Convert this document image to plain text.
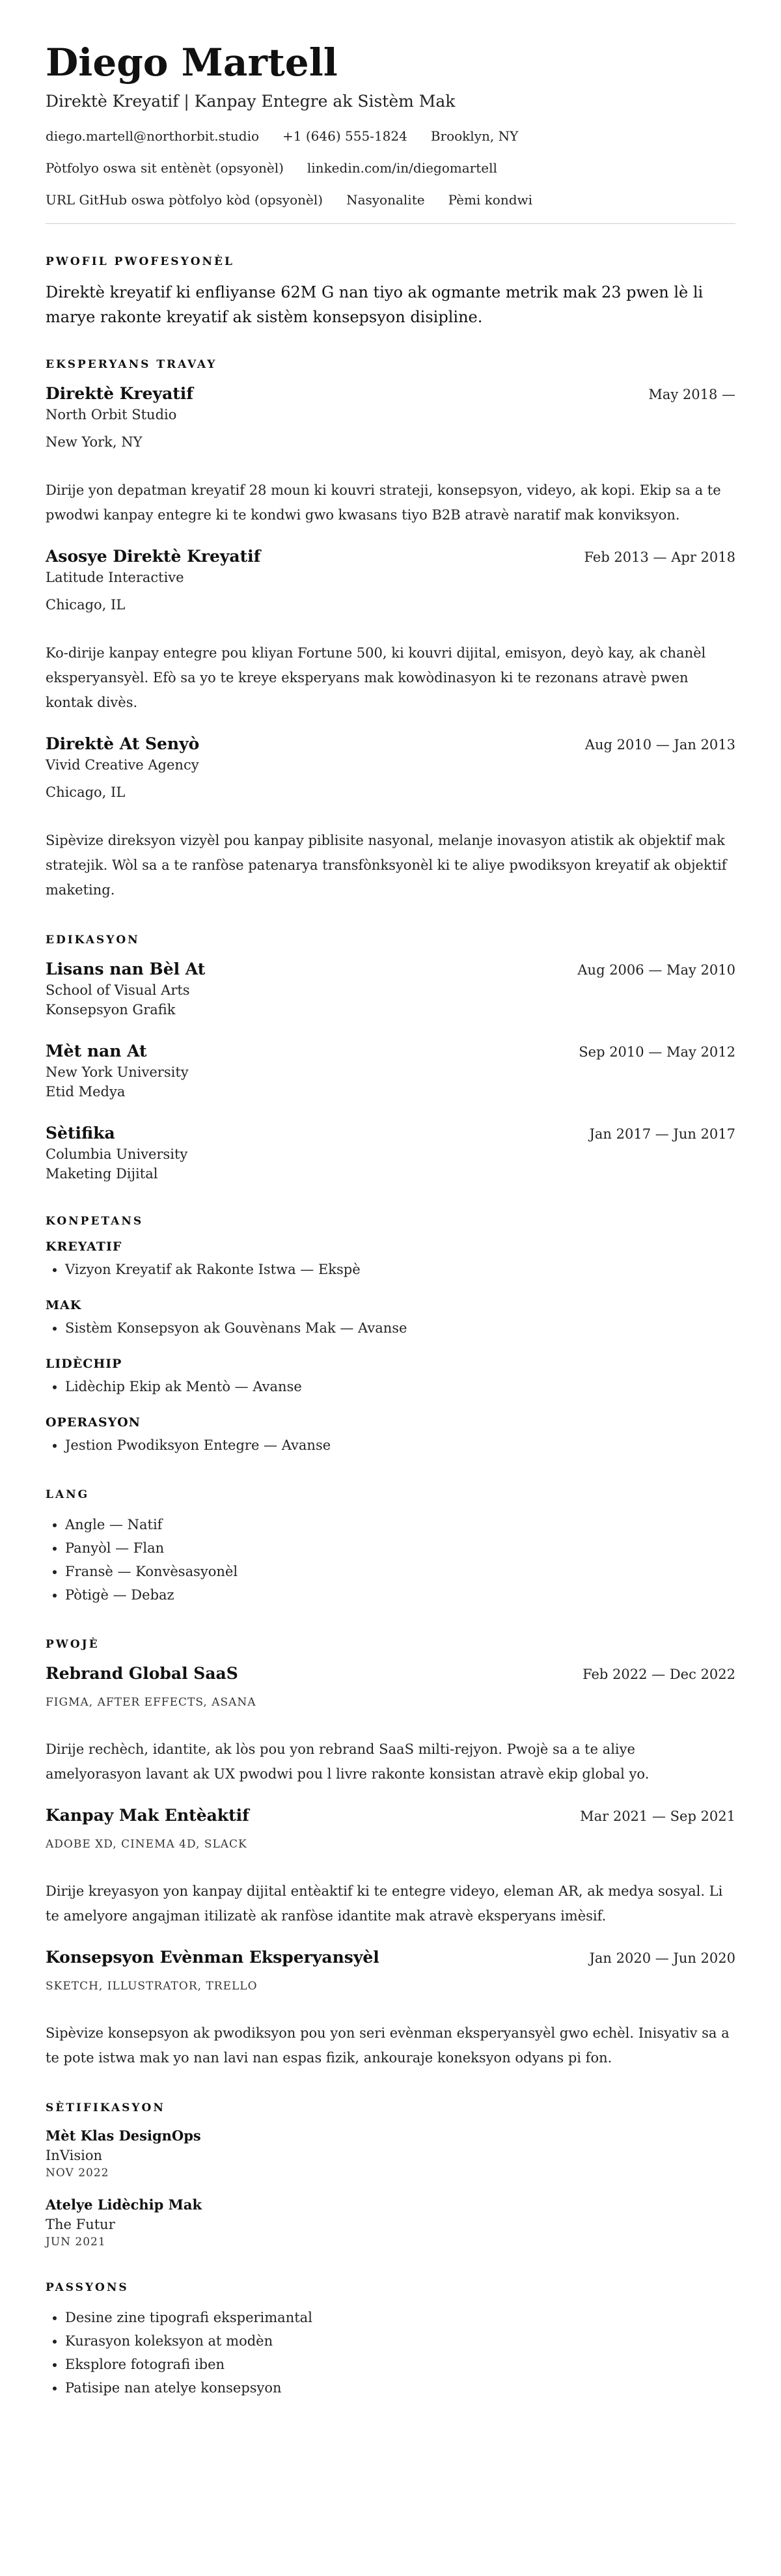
Diego Martell
Direktè Kreyatif | Kanpay Entegre ak Sistèm Mak
diego.martell@northorbit.studio +1 (646) 555-1824 Brooklyn, NY
Pòtfolyo oswa sit entènèt (opsyonèl) linkedin.com/in/diegomartell
URL GitHub oswa pòtfolyo kòd (opsyonèl) Nasyonalite Pèmi kondwi
PWOFIL PWOFESYONÈL
Direktè kreyatif ki enfliyanse 62M G nan tiyo ak ogmante metrik mak 23 pwen lè li marye rakonte kreyatif ak sistèm konsepsyon disipline.
EKSPERYANS TRAVAY
Direktè Kreyatif	May 2018 —
North Orbit Studio
New York, NY
Dirije yon depatman kreyatif 28 moun ki kouvri strateji, konsepsyon, videyo, ak kopi. Ekip sa a te pwodwi kanpay entegre ki te kondwi gwo kwasans tiyo B2B atravè naratif mak konviksyon.
Asosye Direktè Kreyatif	Feb 2013 — Apr 2018
Latitude Interactive
Chicago, IL
Ko-dirije kanpay entegre pou kliyan Fortune 500, ki kouvri dijital, emisyon, deyò kay, ak chanèl eksperyansyèl. Efò sa yo te kreye eksperyans mak kowòdinasyon ki te rezonans atravè pwen kontak divès.
Direktè At Senyò	Aug 2010 — Jan 2013
Vivid Creative Agency
Chicago, IL
Sipèvize direksyon vizyèl pou kanpay piblisite nasyonal, melanje inovasyon atistik ak objektif mak stratejik. Wòl sa a te ranfòse patenarya transfònksyonèl ki te aliye pwodiksyon kreyatif ak objektif maketing.
EDIKASYON
Lisans nan Bèl At	Aug 2006 — May 2010
School of Visual Arts
Konsepsyon Grafik
Mèt nan At	Sep 2010 — May 2012
New York University
Etid Medya
Sètifika	Jan 2017 — Jun 2017
Columbia University
Maketing Dijital
KONPETANS
KREYATIF
• Vizyon Kreyatif ak Rakonte Istwa — Ekspè
MAK
• Sistèm Konsepsyon ak Gouvènans Mak — Avanse
LIDÈCHIP
• Lidèchip Ekip ak Mentò — Avanse
OPERASYON
• Jestion Pwodiksyon Entegre — Avanse
LANG
• Angle — Natif
• Panyòl — Flan
• Fransè — Konvèsasyonèl
• Pòtigè — Debaz
PWOJÈ
Rebrand Global SaaS	Feb 2022 — Dec 2022
FIGMA, AFTER EFFECTS, ASANA
Dirije rechèch, idantite, ak lòs pou yon rebrand SaaS milti-rejyon. Pwojè sa a te aliye amelyorasyon lavant ak UX pwodwi pou l livre rakonte konsistan atravè ekip global yo.
Kanpay Mak Entèaktif	Mar 2021 — Sep 2021
ADOBE XD, CINEMA 4D, SLACK
Dirije kreyasyon yon kanpay dijital entèaktif ki te entegre videyo, eleman AR, ak medya sosyal. Li te amelyore angajman itilizatè ak ranfòse idantite mak atravè eksperyans imèsif.
Konsepsyon Evènman Eksperyansyèl	Jan 2020 — Jun 2020
SKETCH, ILLUSTRATOR, TRELLO
Sipèvize konsepsyon ak pwodiksyon pou yon seri evènman eksperyansyèl gwo echèl. Inisyativ sa a te pote istwa mak yo nan lavi nan espas fizik, ankouraje koneksyon odyans pi fon.
SÈTIFIKASYON
Mèt Klas DesignOps
InVision
NOV 2022
Atelye Lidèchip Mak
The Futur
JUN 2021
PASSYONS
• Desine zine tipografi eksperimantal
• Kurasyon koleksyon at modèn
• Eksplore fotografi iben
• Patisipe nan atelye konsepsyon
